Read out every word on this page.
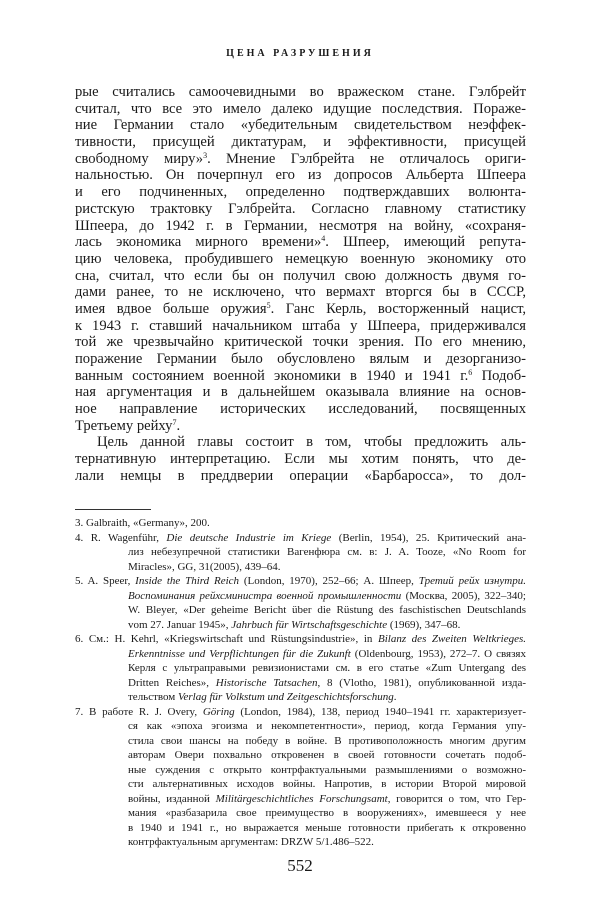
ЦЕНА РАЗРУШЕНИЯ
рые считались самоочевидными во вражеском стане. Гэлбрейт
считал, что все это имело далеко идущие последствия. Пораже-
ние Германии стало «убедительным свидетельством неэффек-
тивности, присущей диктатурам, и эффективности, присущей
свободному миру»$^3$. Мнение Гэлбрейта не отличалось ориги-
нальностью. Он почерпнул его из допросов Альберта Шпеера
и его подчиненных, определенно подтверждавших волюнта-
ристскую трактовку Гэлбрейта. Согласно главному статистику
Шпеера, до 1942 г. в Германии, несмотря на войну, «сохраня-
лась экономика мирного времени»$^4$. Шпеер, имеющий репута-
цию человека, пробудившего немецкую военную экономику ото
сна, считал, что если бы он получил свою должность двумя го-
дами ранее, то не исключено, что вермахт вторгся бы в СССР,
имея вдвое больше оружия$^5$. Ганс Керль, восторженный нацист,
к 1943 г. ставший начальником штаба у Шпеера, придерживался
той же чрезвычайно критической точки зрения. По его мнению,
поражение Германии было обусловлено вялым и дезорганизо-
ванным состоянием военной экономики в 1940 и 1941 г.$^6$ Подоб-
ная аргументация и в дальнейшем оказывала влияние на основ-
ное направление исторических исследований, посвященных
Третьему рейху$^7$.
Цель данной главы состоит в том, чтобы предложить аль-
тернативную интерпретацию. Если мы хотим понять, что де-
лали немцы в преддверии операции «Барбаросса», то дол-
3. Galbraith, «Germany», 200.
4. R. Wagenführ, Die deutsche Industrie im Kriege (Berlin, 1954), 25. Критический ана-
лиз небезупречной статистики Вагенфюра см. в: J. A. Tooze, «No Room for
Miracles», GG, 31(2005), 439–64.
5. A. Speer, Inside the Third Reich (London, 1970), 252–66; А. Шпеер, Третий рейх изнутри.
Воспоминания рейхсминистра военной промышленности (Москва, 2005), 322–340;
W. Bleyer, «Der geheime Bericht über die Rüstung des faschistischen Deutschlands
vom 27. Januar 1945», Jahrbuch für Wirtschaftsgeschichte (1969), 347–68.
6. См.: H. Kehrl, «Kriegswirtschaft und Rüstungsindustrie», in Bilanz des Zweiten Weltkrieges.
Erkenntnisse und Verpflichtungen für die Zukunft (Oldenbourg, 1953), 272–7. О связях
Керля с ультраправыми ревизионистами см. в его статье «Zum Untergang des
Dritten Reiches», Historische Tatsachen, 8 (Vlotho, 1981), опубликованной изда-
тельством Verlag für Volkstum und Zeitgeschichtsforschung.
7. В работе R. J. Overy, Göring (London, 1984), 138, период 1940–1941 гг. характеризует-
ся как «эпоха эгоизма и некомпетентности», период, когда Германия упу-
стила свои шансы на победу в войне. В противоположность многим другим
авторам Овери похвально откровенен в своей готовности сочетать подоб-
ные суждения с открыто контрфактуальными размышлениями о возможно-
сти альтернативных исходов войны. Напротив, в истории Второй мировой
войны, изданной Militärgeschichtliches Forschungsamt, говорится о том, что Гер-
мания «разбазарила свое преимущество в вооружениях», имевшееся у нее
в 1940 и 1941 г., но выражается меньше готовности прибегать к откровенно
контрфактуальным аргументам: DRZW 5/1.486–522.
552
